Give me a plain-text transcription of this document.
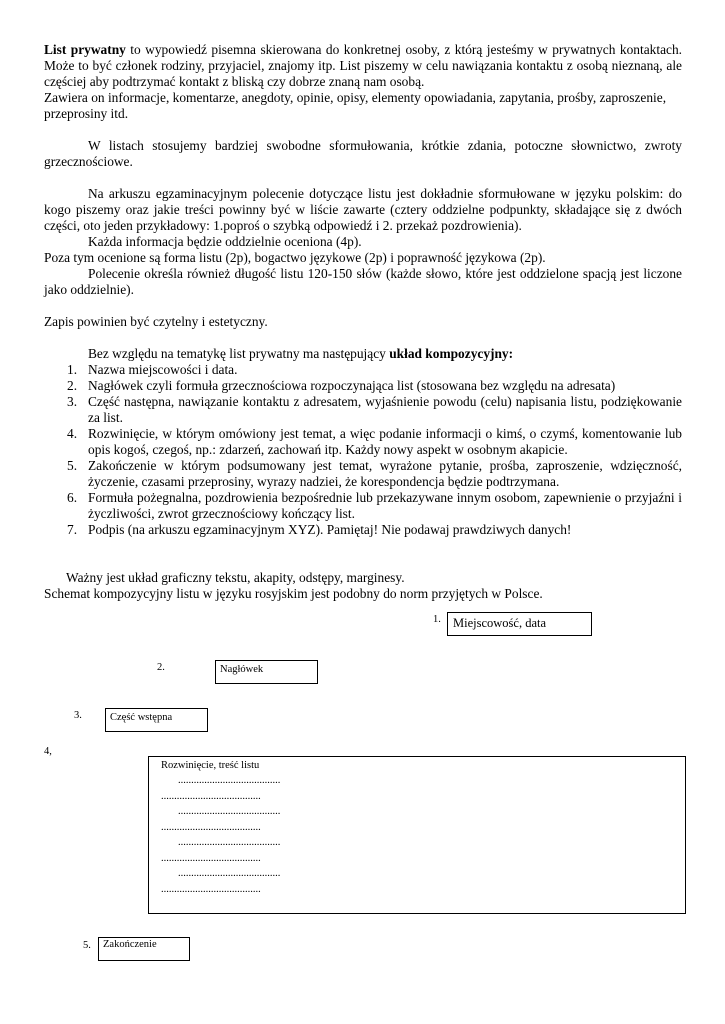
List prywatny to wypowiedź pisemna skierowana do konkretnej osoby, z którą jesteśmy w prywatnych kontaktach. Może to być członek rodziny, przyjaciel, znajomy itp. List piszemy w celu nawiązania kontaktu z osobą nieznaną, ale częściej aby podtrzymać kontakt z bliską czy dobrze znaną nam osobą.

Zawiera on informacje, komentarze, anegdoty, opinie, opisy, elementy opowiadania, zapytania, prośby, zaproszenie, przeprosiny itd.

W listach stosujemy bardziej swobodne sformułowania, krótkie zdania, potoczne słownictwo, zwroty grzecznościowe.

Na arkuszu egzaminacyjnym polecenie dotyczące listu jest dokładnie sformułowane w języku polskim: do kogo piszemy oraz jakie treści powinny być w liście zawarte (cztery oddzielne podpunkty, składające się z dwóch części, oto jeden przykładowy: 1.poproś o szybką odpowiedź i 2. przekaż pozdrowienia).

Każda informacja będzie oddzielnie oceniona (4p).

Poza tym ocenione są forma listu (2p), bogactwo językowe (2p) i poprawność językowa (2p).

Polecenie określa również długość listu 120-150 słów (każde słowo, które jest oddzielone spacją jest liczone jako oddzielnie).

Zapis powinien być czytelny i estetyczny.

Bez względu na tematykę list prywatny ma następujący układ kompozycyjny:

1. Nazwa miejscowości i data.
2. Nagłówek czyli formuła grzecznościowa rozpoczynająca list (stosowana bez względu na adresata)
3. Część następna, nawiązanie kontaktu z adresatem, wyjaśnienie powodu (celu) napisania listu, podziękowanie za list.
4. Rozwinięcie, w którym omówiony jest temat, a więc podanie informacji o kimś, o czymś, komentowanie lub opis kogoś, czegoś, np.: zdarzeń, zachowań itp. Każdy nowy aspekt w osobnym akapicie.
5. Zakończenie w którym podsumowany jest temat, wyrażone pytanie, prośba, zaproszenie, wdzięczność, życzenie, czasami przeprosiny, wyrazy nadziei, że korespondencja będzie podtrzymana.
6. Formuła pożegnalna, pozdrowienia bezpośrednie lub przekazywane innym osobom, zapewnienie o przyjaźni i życzliwości, zwrot grzecznościowy kończący list.
7. Podpis (na arkuszu egzaminacyjnym XYZ). Pamiętaj! Nie podawaj prawdziwych danych!

Ważny jest układ graficzny tekstu, akapity, odstępy, marginesy.

Schemat kompozycyjny listu w języku rosyjskim jest podobny do norm przyjętych w Polsce.

1. Miejscowość, data
2.	Nagłówek
3.	Część wstępna
4,
Rozwinięcie, treść listu
.......................................
......................................
.......................................
......................................
.......................................
......................................
.......................................
......................................
5. Zakończenie
